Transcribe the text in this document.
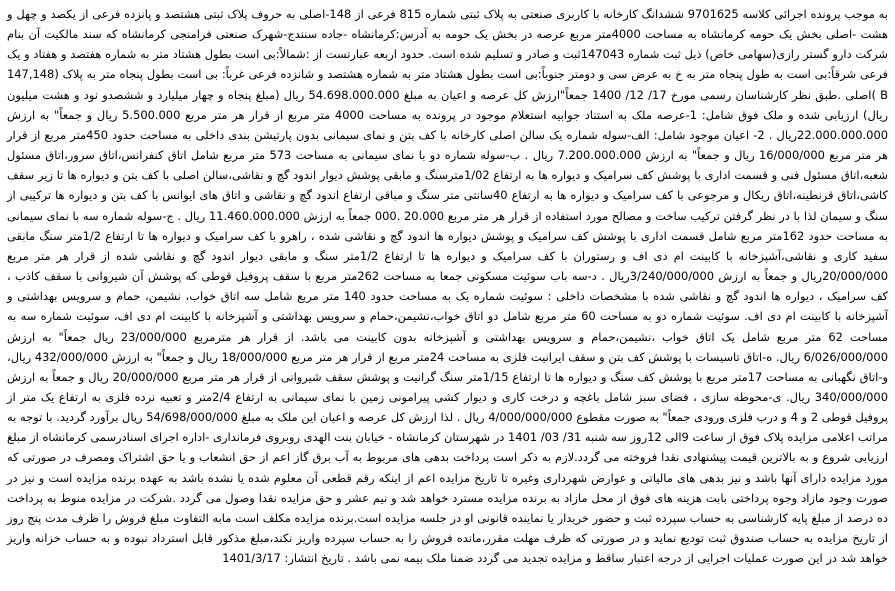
به موجب پرونده اجرائی کلاسه 9701625 ششدانگ کارخانه با کاربری صنعتی به پلاک ثبتی شماره 815 فرعی از 148-اصلی به حروف پلاک ثبتی هشتصد و پانزده فرعی از یکصد و چهل و هشت -اصلی بخش یک حومه کرمانشاه به مساحت 4000متر مربع عرصه در بخش یک حومه به آدرس:کرمانشاه -جاده سنندج-شهرک صنعتی فرامنجی کرمانشاه که سند مالکیت آن بنام شرکت دارو گستر رازی(سهامی خاص) ذیل ثبت شماره 147043ثبت و صادر و تسلیم شده است. حدود اربعه عبارتست از :شمالاً:بی است بطول هشتاد متر به شماره هفتصد و هفتاد و یک فرعی شرقاً:بی است به طول پنجاه متر به خ به عرض سی و دومتر جنوباً:بی است بطول هشتاد متر به شماره هشتصد و شانزده فرعی غرباً: بی است بطول پنجاه متر به پلاک (147,148 B )اصلی .طبق نظر کارشناسان رسمی مورخ 17/ 12/ 1400 جمعاً"ارزش کل عرصه و اعیان به مبلغ 54.698.000.000 ریال (مبلغ پنجاه و چهار میلیارد و ششصدو نود و هشت میلیون ریال) ارزیابی شده و ملک فوق شامل: 1-عرصه ملک به استناد جوابیه استعلام موجود در پرونده به مساحت 4000 متر مربع از قرار هر متر مربع 5.500.000 ریال و جمعاً" به ارزش 22.000.000.000ریال . 2- اعیان موجود شامل: الف-سوله شماره یک سالن اصلی کارخانه با کف بتن و نمای سیمانی بدون پارتیشن بندی داخلی به مساحت حدود 450متر مربع از قرار هر متر مربع 16/000/000 ریال و جمعاً" به ارزش 7.200.000.000 ریال . ب-سوله شماره دو با نمای سیمانی به مساحت 573 متر مربع شامل اتاق کنفرانس،اتاق سرور،اتاق مسئول شعبه،اتاق مسئول فنی و قسمت اداری با پوشش کف سرامیک و دیواره ها به ارتفاع 1/02مترسنگ و مابقی پوشش دیوار اندود گچ و نقاشی،سالن اصلی با کف بتن و دیواره ها تا زیر سقف کاشی،اتاق قرنطینه،اتاق ریکال و مرجوعی با کف سرامیک و دیواره ها به ارتفاع 40سانتی متر سنگ و مباقی ارتفاع اندود گچ و نقاشی و اتاق های ایوانس با کف بتن و دیواره ها ترکیبی از سنگ و سیمان لذا با در نظر گرفتن ترکیب ساخت و مصالح مورد استفاده از قرار هر متر مربع 20.000 .000 جمعاً به ارزش 11.460.000.000 ریال . ج-سوله شماره سه با نمای سیمانی به مساحت حدود 162متر مربع شامل قسمت اداری با پوشش کف سرامیک و پوشش دیواره ها اندود گچ و نقاشی شده ، راهرو با کف سرامیک و دیواره ها تا ارتفاع 1/2متر سنگ مابقی سفید کاری و نقاشی،آشپزخانه با کابینت ام دی اف و رستوران با کف سرامیک و دیواره ها تا ارتفاع 1/2متر سنگ و مابقی دیوار اندود گچ و نقاشی شده از قرار هر متر مربع 20/000/000ریال و جمعاً به ارزش 3/240/000/000ریال . د-سه باب سوئیت مسکونی جمعا به مساحت 262متر مربع با سقف پروفیل قوطی که پوشش آن شیروانی با سقف کاذب ، کف سرامیک ، دیواره ها اندود گچ و نقاشی شده با مشخصات داخلی : سوئیت شماره یک به مساحت حدود 140 متر مربع شامل سه اتاق خواب، نشیمن، حمام و سرویس بهداشتی و آشپزخانه با کابینت ام دی اف. سوئیت شماره دو به مساحت 60 متر مربع شامل دو اتاق خواب،نشیمن،حمام و سرویس بهداشتی و آشپزخانه با کابینت ام دی اف، سوئیت شماره سه به مساحت 62 متر مربع شامل یک اتاق خواب ،نشیمن،حمام و سرویس بهداشتی و آشپزخانه بدون کابینت می باشد. از قرار هر مترمربع 23/000/000 ریال جمعاً" به ارزش 6/026/000/000 ریال. ه-اتاق تاسیسات با پوشش کف بتن و سقف ایرانیت فلزی به مساحت 24متر مربع از قرار هر متر مربع 18/000/000 ریال و جمعاً" به ارزش 432/000/000 ریال، و-اتاق نگهبانی به مساحت 17متر مربع با پوشش کف سنگ و دیواره ها تا ارتفاع 1/15متر سنگ گرانیت و پوشش سقف شیروانی از قرار هر متر مربع 20/000/000 ریال و جمعاً به ارزش 340/000/000 ریال. ی-محوطه سازی ، فضای سبز شامل باغچه و درخت کاری و دیوار کشی پیرامونی زمین با نمای سیمانی به ارتفاع 2/4متر و تعبیه نرده فلزی به ارتفاع یک متر از پروفیل قوطی 2 و 4 و درب فلزی ورودی جمعاً" به صورت مقطوع 4/000/000/000 ریال . لذا ارزش کل عرصه و اعیان این ملک به مبلغ 54/698/000/000 ریال برآورد گردید. با توجه به مراتب اعلامی مزایده پلاک فوق از ساعت 9الی 12روز سه شنبه 31/ 03/ 1401 در شهرستان کرمانشاه - خیابان بنت الهدی روبروی فرمانداری -اداره اجرای اسنادرسمی کرمانشاه از مبلغ ارزیابی شروع و به بالاترین قیمت پیشنهادی نقدا فروخته می گردد.لازم به ذکر است پرداخت بدهی های مربوط به آب برق گاز اعم از حق انشعاب و یا حق اشتراک ومصرف در صورتی که مورد مزایده دارای آنها باشد و نیز بدهی های مالیاتی و عوارض شهرداری وغیره تا تاریخ مزایده اعم از اینکه رقم قطعی آن معلوم شده یا نشده باشد به عهده برنده مزایده است و نیز در صورت وجود مازاد وجوه پرداختی بابت هزینه های فوق از محل مازاد به برنده مزایده مسترد خواهد شد و نیم عشر و حق مزایده نقدا وصول می گردد .شرکت در مزایده منوط به پرداخت ده درصد از مبلغ پایه کارشناسی به حساب سپرده ثبت و حضور خریدار یا نماینده قانونی او در جلسه مزایده است.برنده مزایده مکلف است مابه التفاوت مبلغ فروش را ظرف مدت پنج روز از تاریخ مزایده به حساب صندوق ثبت تودیع نماید و در صورتی که ظرف مهلت مقرر،مانده فروش را به حساب سپرده واریز نکند،مبلغ مذکور قابل استرداد نبوده و به حساب خزانه واریز خواهد شد در این صورت عملیات اجرایی از درجه اعتبار ساقط و مزایده تجدید می گردد ضمنا ملک بیمه نمی باشد . تاریخ انتشار: 1401/3/17
